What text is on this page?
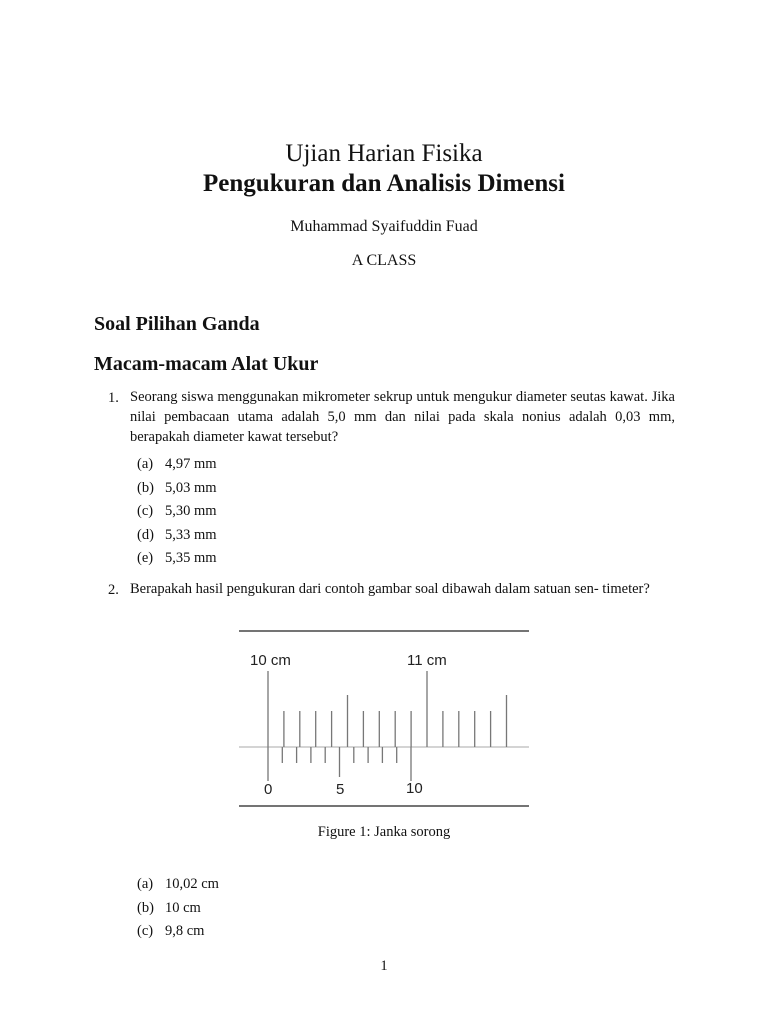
Ujian Harian Fisika
Pengukuran dan Analisis Dimensi
Muhammad Syaifuddin Fuad
A CLASS
Soal Pilihan Ganda
Macam-macam Alat Ukur
1. Seorang siswa menggunakan mikrometer sekrup untuk mengukur diameter seutas kawat. Jika nilai pembacaan utama adalah 5,0 mm dan nilai pada skala nonius adalah 0,03 mm, berapakah diameter kawat tersebut?
(a) 4,97 mm
(b) 5,03 mm
(c) 5,30 mm
(d) 5,33 mm
(e) 5,35 mm
2. Berapakah hasil pengukuran dari contoh gambar soal dibawah dalam satuan sen- timeter?
10 cm	11 cm
0	5	10
Figure 1: Janka sorong
(a) 10,02 cm
(b) 10 cm
(c) 9,8 cm
1
